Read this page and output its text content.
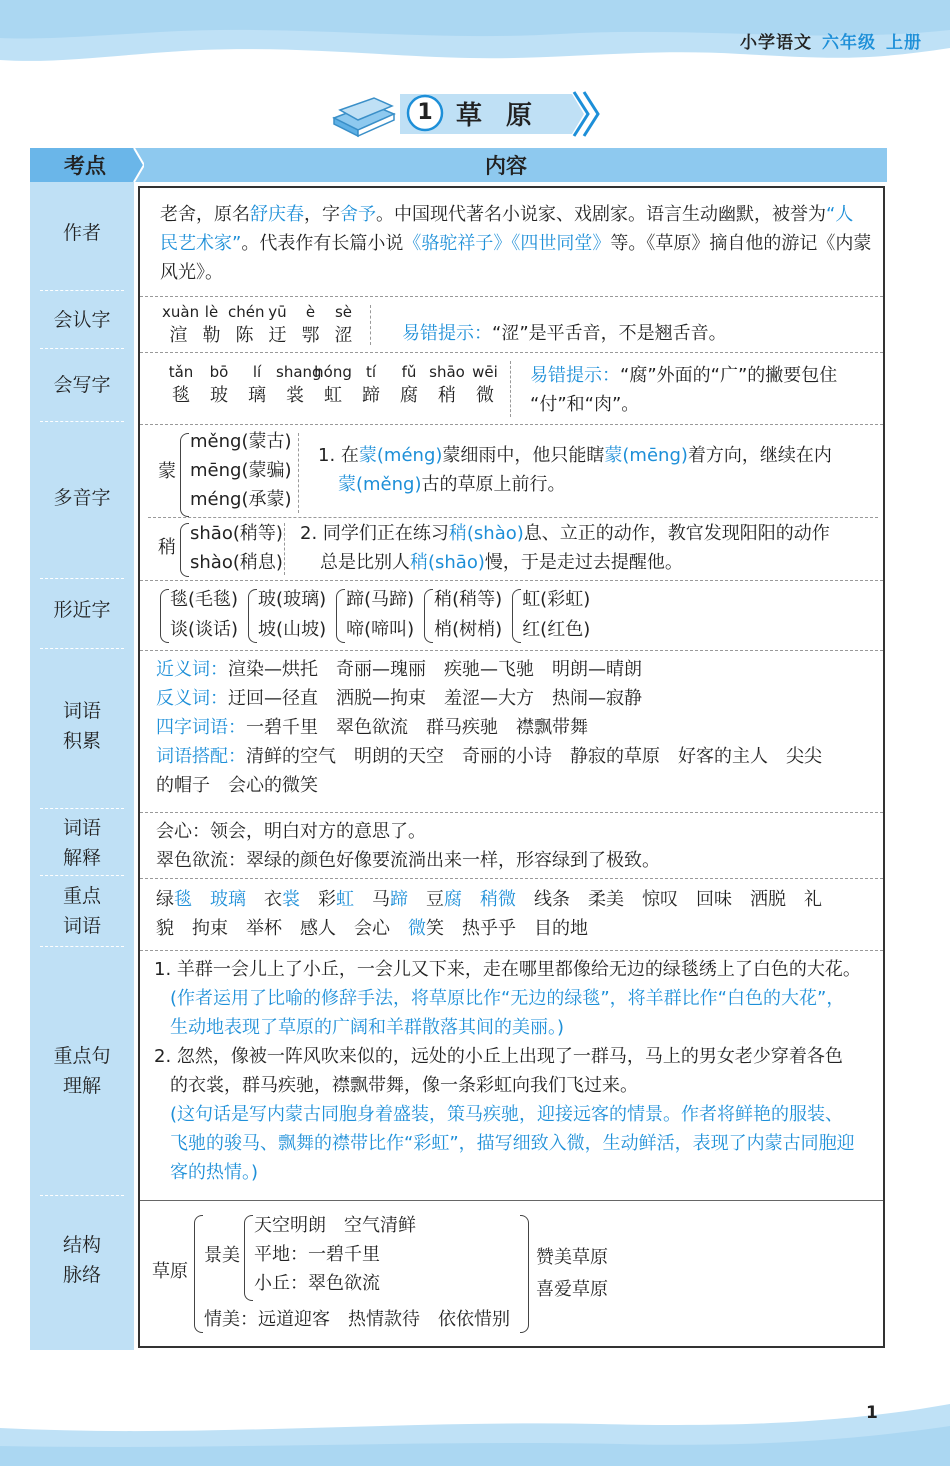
小学语文 六年级 上册
1 草原
考点	内容
作者
会认字
会写字
多音字
形近字
词语
积累
词语
解释
重点
词语
重点句
理解
结构
脉络
老舍，原名舒庆春，字舍予。中国现代著名小说家、戏剧家。语言生动幽默，被誉为“人
民艺术家”。代表作有长篇小说《骆驼祥子》《四世同堂》等。《草原》摘自他的游记《内蒙
风光》。
xuàn
渲
lè
勒
chén
陈
yū
迂
è
鄂
sè
涩	易错提示：“涩”是平舌音，不是翘舌音。
tǎn
毯
bō
玻
lí
璃
shang
裳
hóng
虹
tí
蹄
fǔ
腐
shāo
稍
wēi
微
易错提示：“腐”外面的“广”的撇要包住
“付”和“肉”。
蒙
měng(蒙古)
mēng(蒙骗)
méng(承蒙)
1. 在蒙(méng)蒙细雨中，他只能瞎蒙(mēng)着方向，继续在内
蒙(měng)古的草原上前行。
稍
shāo(稍等)
shào(稍息)
2. 同学们正在练习稍(shào)息、立正的动作，教官发现阳阳的动作
总是比别人稍(shāo)慢，于是走过去提醒他。
毯(毛毯)
谈(谈话)
玻(玻璃)
坡(山坡)
蹄(马蹄)
啼(啼叫)
稍(稍等)
梢(树梢)
虹(彩虹)
红(红色)
近义词：渲染—烘托　奇丽—瑰丽　疾驰—飞驰　明朗—晴朗
反义词：迂回—径直　洒脱—拘束　羞涩—大方　热闹—寂静
四字词语：一碧千里　翠色欲流　群马疾驰　襟飘带舞
词语搭配：清鲜的空气　明朗的天空　奇丽的小诗　静寂的草原　好客的主人　尖尖
的帽子　会心的微笑
会心：领会，明白对方的意思了。
翠色欲流：翠绿的颜色好像要流淌出来一样，形容绿到了极致。
绿毯　 玻璃　衣裳　彩虹　马蹄　豆腐　 稍微　线条　柔美　惊叹　回味　洒脱　礼
貌　拘束　举杯　感人　会心　微笑　热乎乎　目的地
1. 羊群一会儿上了小丘，一会儿又下来，走在哪里都像给无边的绿毯绣上了白色的大花。
(作者运用了比喻的修辞手法，将草原比作“无边的绿毯”，将羊群比作“白色的大花”，
生动地表现了草原的广阔和羊群散落其间的美丽。)
2. 忽然，像被一阵风吹来似的，远处的小丘上出现了一群马，马上的男女老少穿着各色
的衣裳，群马疾驰，襟飘带舞，像一条彩虹向我们飞过来。
(这句话是写内蒙古同胞身着盛装，策马疾驰，迎接远客的情景。作者将鲜艳的服装、
飞驰的骏马、飘舞的襟带比作“彩虹”，描写细致入微，生动鲜活，表现了内蒙古同胞迎
客的热情。)
草原
景美
天空明朗　空气清鲜
平地：一碧千里
小丘：翠色欲流
情美：远道迎客　热情款待　依依惜别
赞美草原
喜爱草原
1
